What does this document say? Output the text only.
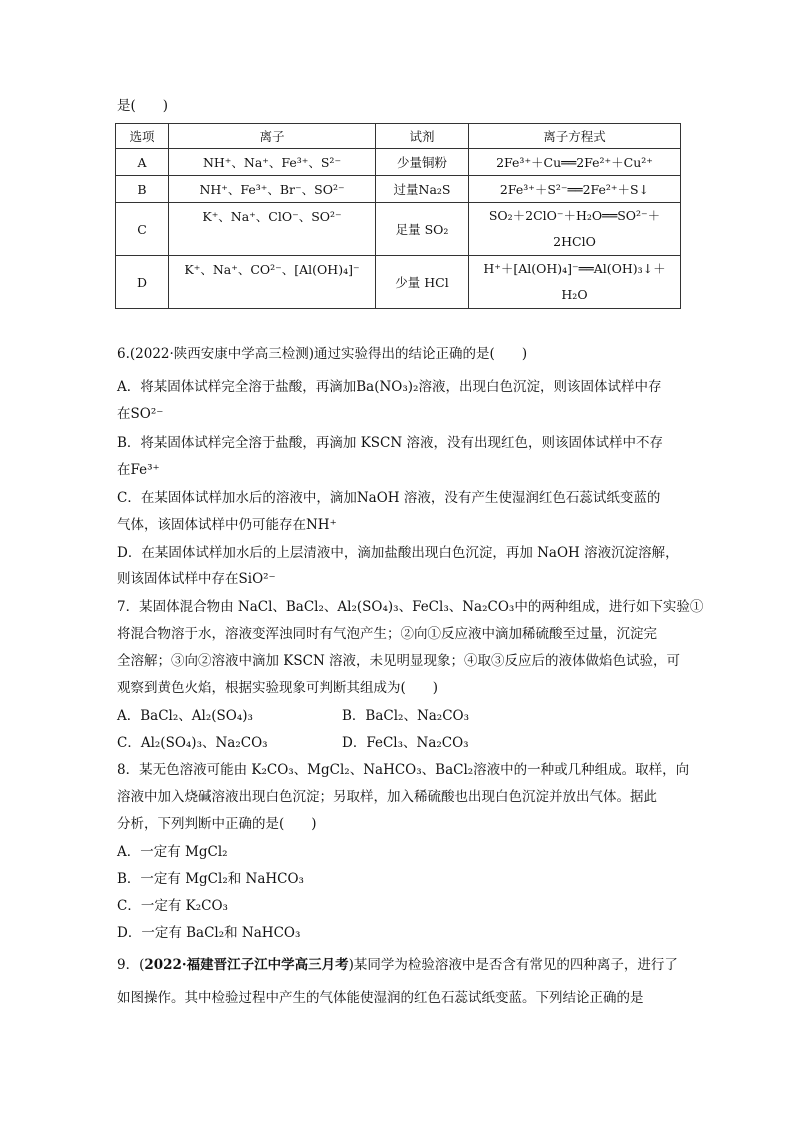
是(　　)
选项	离子	试剂	离子方程式
A	NH⁺、Na⁺、Fe³⁺、S²⁻	少量铜粉	2Fe³⁺＋Cu══2Fe²⁺＋Cu²⁺
B	NH⁺、Fe³⁺、Br⁻、SO²⁻	过量Na₂S	2Fe³⁺＋S²⁻══2Fe²⁺＋S↓
C	K⁺、Na⁺、ClO⁻、SO²⁻	足量 SO₂	SO₂＋2ClO⁻＋H₂O══SO²⁻＋
2HClO

D	K⁺、Na⁺、CO²⁻、[Al(OH)₄]⁻	少量 HCl	H⁺＋[Al(OH)₄]⁻══Al(OH)₃↓＋
H₂O
6.(2022·陕西安康中学高三检测)通过实验得出的结论正确的是(　　)
A．将某固体试样完全溶于盐酸，再滴加Ba(NO₃)₂溶液，出现白色沉淀，则该固体试样中存
在SO²⁻
B．将某固体试样完全溶于盐酸，再滴加 KSCN 溶液，没有出现红色，则该固体试样中不存
在Fe³⁺
C．在某固体试样加水后的溶液中，滴加NaOH 溶液，没有产生使湿润红色石蕊试纸变蓝的
气体，该固体试样中仍可能存在NH⁺
D．在某固体试样加水后的上层清液中，滴加盐酸出现白色沉淀，再加 NaOH 溶液沉淀溶解，
则该固体试样中存在SiO²⁻
7．某固体混合物由 NaCl、BaCl₂、Al₂(SO₄)₃、FeCl₃、Na₂CO₃中的两种组成，进行如下实验①
将混合物溶于水，溶液变浑浊同时有气泡产生；②向①反应液中滴加稀硫酸至过量，沉淀完
全溶解；③向②溶液中滴加 KSCN 溶液，未见明显现象；④取③反应后的液体做焰色试验，可
观察到黄色火焰，根据实验现象可判断其组成为(　　)
A．BaCl₂、Al₂(SO₄)₃	B．BaCl₂、Na₂CO₃
C．Al₂(SO₄)₃、Na₂CO₃	D．FeCl₃、Na₂CO₃
8．某无色溶液可能由 K₂CO₃、MgCl₂、NaHCO₃、BaCl₂溶液中的一种或几种组成。取样，向
溶液中加入烧碱溶液出现白色沉淀；另取样，加入稀硫酸也出现白色沉淀并放出气体。据此
分析，下列判断中正确的是(　　)
A．一定有 MgCl₂
B．一定有 MgCl₂和 NaHCO₃
C．一定有 K₂CO₃
D．一定有 BaCl₂和 NaHCO₃
9．(2022·福建晋江子江中学高三月考)某同学为检验溶液中是否含有常见的四种离子，进行了
如图操作。其中检验过程中产生的气体能使湿润的红色石蕊试纸变蓝。下列结论正确的是
